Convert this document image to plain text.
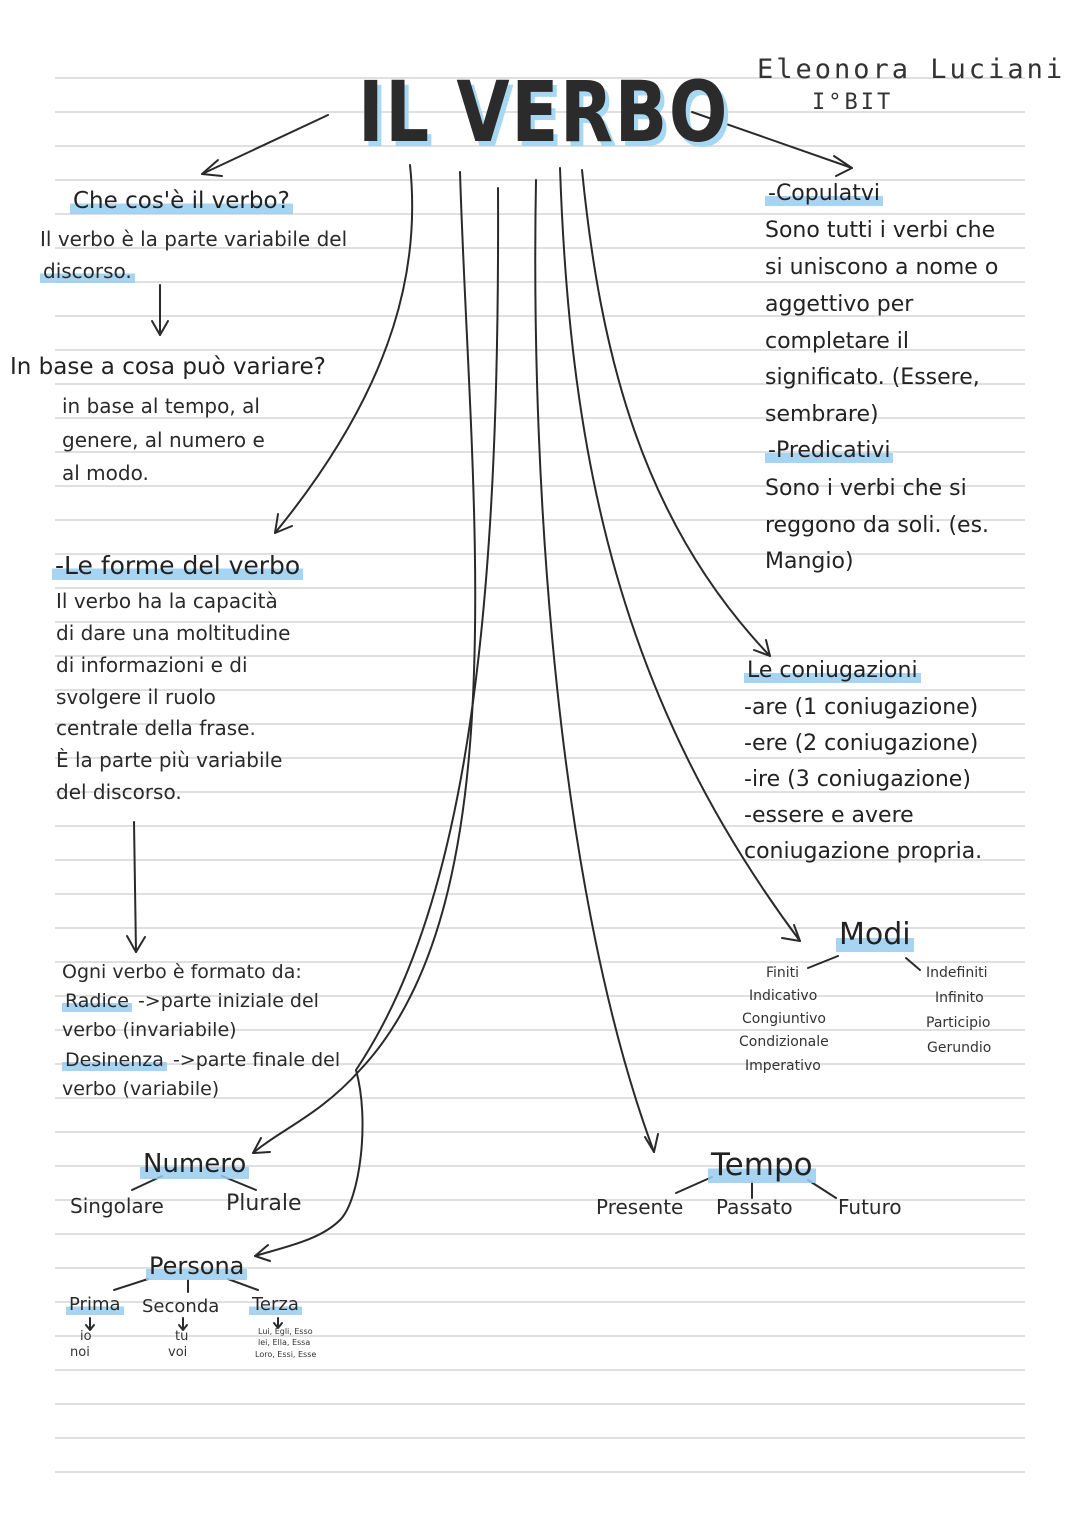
IL VERBO Eleonora Luciani
I°BIT
Che cos'è il verbo?
Il verbo è la parte variabile del
discorso.
In base a cosa può variare?
in base al tempo, al
genere, al numero e
al modo.
-Le forme del verbo
Il verbo ha la capacità
di dare una moltitudine
di informazioni e di
svolgere il ruolo
centrale della frase.
È la parte più variabile
del discorso.
Ogni verbo è formato da:
Radice ->parte iniziale del
verbo (invariabile)
Desinenza ->parte finale del
verbo (variabile)
-Copulatvi
Sono tutti i verbi che
si uniscono a nome o
aggettivo per
completare il
significato. (Essere,
sembrare)
-Predicativi
Sono i verbi che si
reggono da soli. (es.
Mangio)
Le coniugazioni
-are (1 coniugazione)
-ere (2 coniugazione)
-ire (3 coniugazione)
-essere e avere
coniugazione propria.
Modi
Finiti
Indicativo
Congiuntivo
Condizionale
Imperativo
Indefiniti
Infinito
Participio
Gerundio
Numero
Singolare	Plurale
Persona
Prima Seconda Terza
io
noi
tu
voi
Lui, Egli, Esso
lei, Ella, Essa
Loro, Essi, Esse
Tempo
Presente Passato Futuro
